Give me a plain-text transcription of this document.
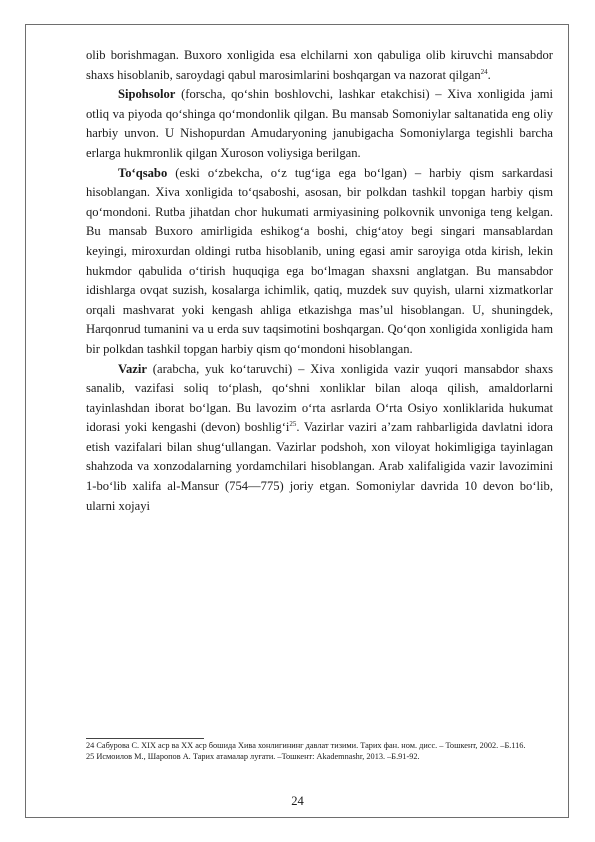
olib borishmagan. Buxoro xonligida esa elchilarni xon qabuliga olib kiruvchi mansabdor shaxs hisoblanib, saroydagi qabul marosimlarini boshqargan va nazorat qilgan$^{24}$.

Sipohsolor (forscha, qo‘shin boshlovchi, lashkar etakchisi) – Xiva xonligida jami otliq va piyoda qo‘shinga qo‘mondonlik qilgan. Bu mansab Somoniylar saltanatida eng oliy harbiy unvon. U Nishopurdan Amudaryoning janubigacha Somoniylarga tegishli barcha erlarga hukmronlik qilgan Xuroson voliysiga berilgan.

To‘qsabo (eski o‘zbekcha, o‘z tug‘iga ega bo‘lgan) – harbiy qism sarkardasi hisoblangan. Xiva xonligida to‘qsaboshi, asosan, bir polkdan tashkil topgan harbiy qism qo‘mondoni. Rutba jihatdan chor hukumati armiyasining polkovnik unvoniga teng kelgan. Bu mansab Buxoro amirligida eshikog‘a boshi, chig‘atoy begi singari mansablardan keyingi, miroxurdan oldingi rutba hisoblanib, uning egasi amir saroyiga otda kirish, lekin hukmdor qabulida o‘tirish huquqiga ega bo‘lmagan shaxsni anglatgan. Bu mansabdor idishlarga ovqat suzish, kosalarga ichimlik, qatiq, muzdek suv quyish, ularni xizmatkorlar orqali mashvarat yoki kengash ahliga etkazishga mas’ul hisoblangan. U, shuningdek, Harqonrud tumanini va u erda suv taqsimotini boshqargan. Qo‘qon xonligida xonligida ham bir polkdan tashkil topgan harbiy qism qo‘mondoni hisoblangan.

Vazir (arabcha, yuk ko‘taruvchi) – Xiva xonligida vazir yuqori mansabdor shaxs sanalib, vazifasi soliq to‘plash, qo‘shni xonliklar bilan aloqa qilish, amaldorlarni tayinlashdan iborat bo‘lgan. Bu lavozim o‘rta asrlarda O‘rta Osiyo xonliklarida hukumat idorasi yoki kengashi (devon) $boshlig‘i^{25}$. Vazirlar vaziri a’zam rahbarligida davlatni idora etish vazifalari bilan shug‘ullangan. Vazirlar podshoh, xon viloyat hokimligiga tayinlagan shahzoda va xonzodalarning yordamchilari hisoblangan. Arab xalifaligida vazir lavozimini 1-bo‘lib xalifa al-Mansur (754—775) joriy etgan. Somoniylar davrida 10 devon bo‘lib, ularni xojayi

24 Сабурова С. XIX аср ва XX аср бошида Хива хонлигининг давлат тизими. Тарих фан. ном. дисс. – Тошкент, 2002. –Б.116.

25 Исмоилов М., Шаропов А. Тарих атамалар луғати. –Тошкент: Akademnashr, 2013. –Б.91-92.

24
